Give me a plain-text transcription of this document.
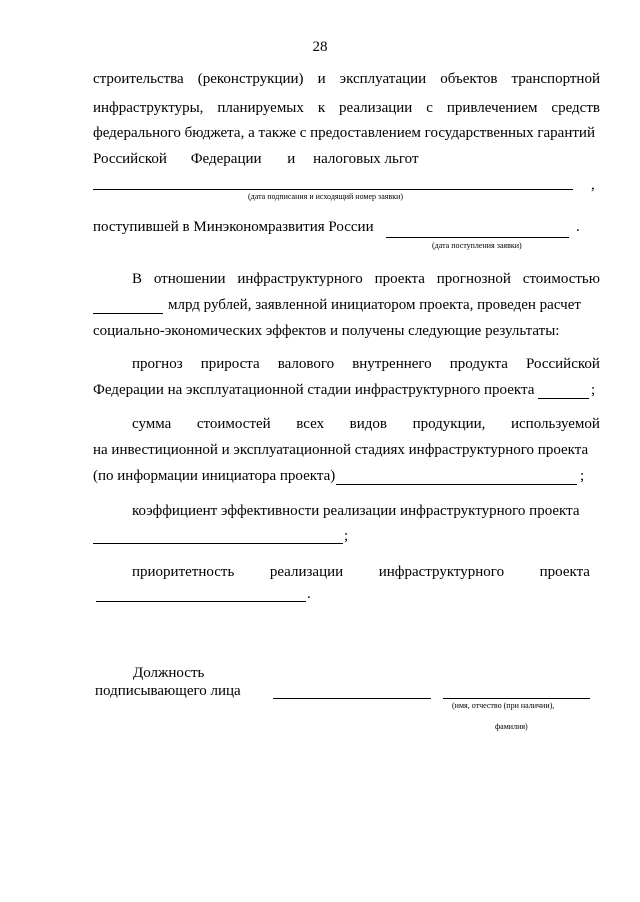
28
строительства (реконструкции) и эксплуатации объектов транспортной
инфраструктуры, планируемых к реализации с привлечением средств
федерального бюджета, а также с предоставлением государственных гарантий
Российской Федерации и налоговых льгот
,
(дата подписания и исходящий номер заявки)
поступившей в Минэкономразвития России	.
(дата поступления заявки)
В отношении инфраструктурного проекта прогнозной стоимостью
млрд рублей, заявленной инициатором проекта, проведен расчет
социально-экономических эффектов и получены следующие результаты:
прогноз прироста валового внутреннего продукта Российской
Федерации на эксплуатационной стадии инфраструктурного проекта	;
сумма стоимостей всех видов продукции, используемой
на инвестиционной и эксплуатационной стадиях инфраструктурного проекта
(по информации инициатора проекта)	;
коэффициент эффективности реализации инфраструктурного проекта
;
приоритетность реализации инфраструктурного проекта
.
Должность
подписывающего лица
(имя, отчество (при наличии),
фамилия)
